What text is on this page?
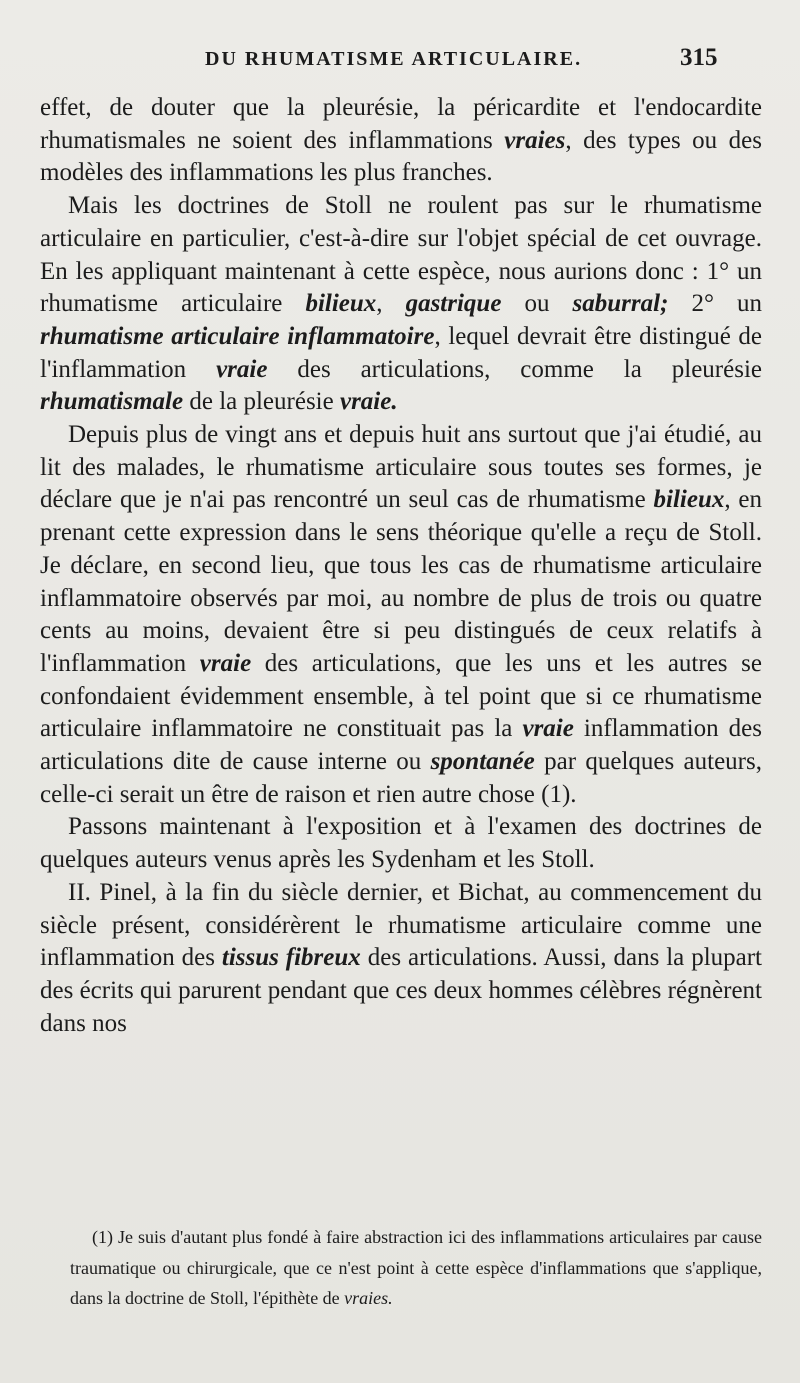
DU RHUMATISME ARTICULAIRE.	315

effet, de douter que la pleurésie, la péricardite et l'endocardite rhumatismales ne soient des inflammations vraies, des types ou des modèles des inflammations les plus franches.

Mais les doctrines de Stoll ne roulent pas sur le rhumatisme articulaire en particulier, c'est-à-dire sur l'objet spécial de cet ouvrage. En les appliquant maintenant à cette espèce, nous aurions donc : 1° un rhumatisme articulaire bilieux, gastrique ou saburral; 2° un rhumatisme articulaire inflammatoire, lequel devrait être distingué de l'inflammation vraie des articulations, comme la pleurésie rhumatismale de la pleurésie vraie.

Depuis plus de vingt ans et depuis huit ans surtout que j'ai étudié, au lit des malades, le rhumatisme articulaire sous toutes ses formes, je déclare que je n'ai pas rencontré un seul cas de rhumatisme bilieux, en prenant cette expression dans le sens théorique qu'elle a reçu de Stoll. Je déclare, en second lieu, que tous les cas de rhumatisme articulaire inflammatoire observés par moi, au nombre de plus de trois ou quatre cents au moins, devaient être si peu distingués de ceux relatifs à l'inflammation vraie des articulations, que les uns et les autres se confondaient évidemment ensemble, à tel point que si ce rhumatisme articulaire inflammatoire ne constituait pas la vraie inflammation des articulations dite de cause interne ou spontanée par quelques auteurs, celle-ci serait un être de raison et rien autre chose (1).

Passons maintenant à l'exposition et à l'examen des doctrines de quelques auteurs venus après les Sydenham et les Stoll.

II. Pinel, à la fin du siècle dernier, et Bichat, au commencement du siècle présent, considérèrent le rhumatisme articulaire comme une inflammation des tissus fibreux des articulations. Aussi, dans la plupart des écrits qui parurent pendant que ces deux hommes célèbres régnèrent dans nos

(1) Je suis d'autant plus fondé à faire abstraction ici des inflammations articulaires par cause traumatique ou chirurgicale, que ce n'est point à cette espèce d'inflammations que s'applique, dans la doctrine de Stoll, l'épithète de vraies.
